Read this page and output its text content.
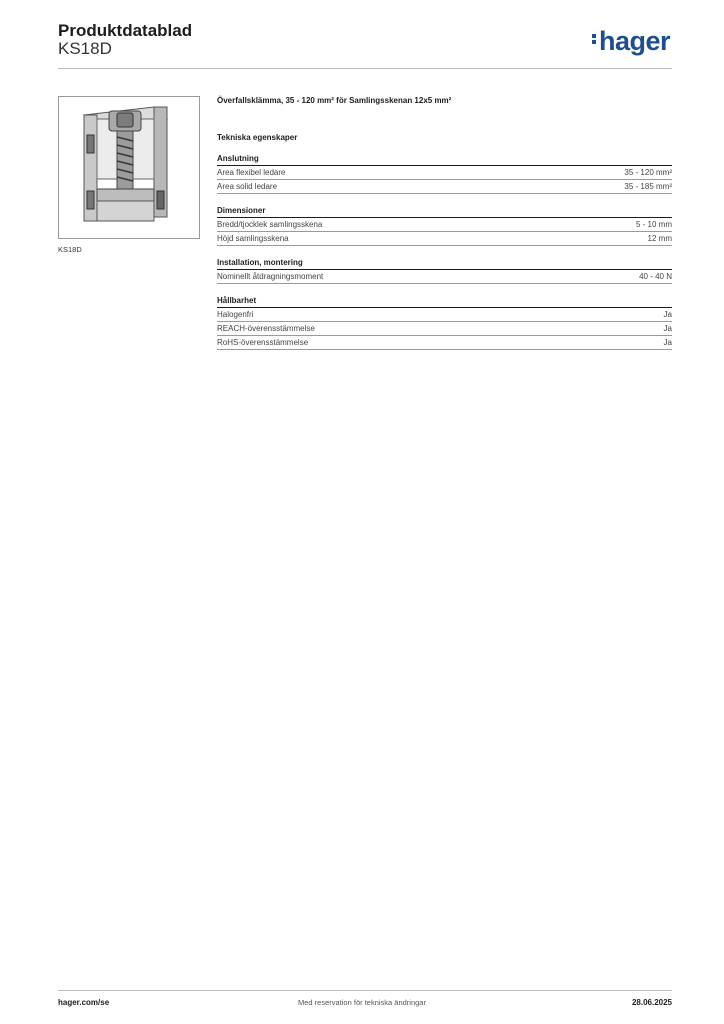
Produktdatablad
KS18D	hager
KS18D
Överfallsklämma, 35 - 120 mm² för Samlingsskenan 12x5 mm²
Tekniska egenskaper
Anslutning
Area flexibel ledare	35 - 120 mm²
Area solid ledare	35 - 185 mm²
Dimensioner
Bredd/tjocklek samlingsskena	5 - 10 mm
Höjd samlingsskena	12 mm
Installation, montering
Nominellt åtdragningsmoment	40 - 40 N
Hållbarhet
Halogenfri	Ja
REACH-överensstämmelse	Ja
RoHS-överensstämmelse	Ja
hager.com/se	Med reservation för tekniska ändringar	28.06.2025
